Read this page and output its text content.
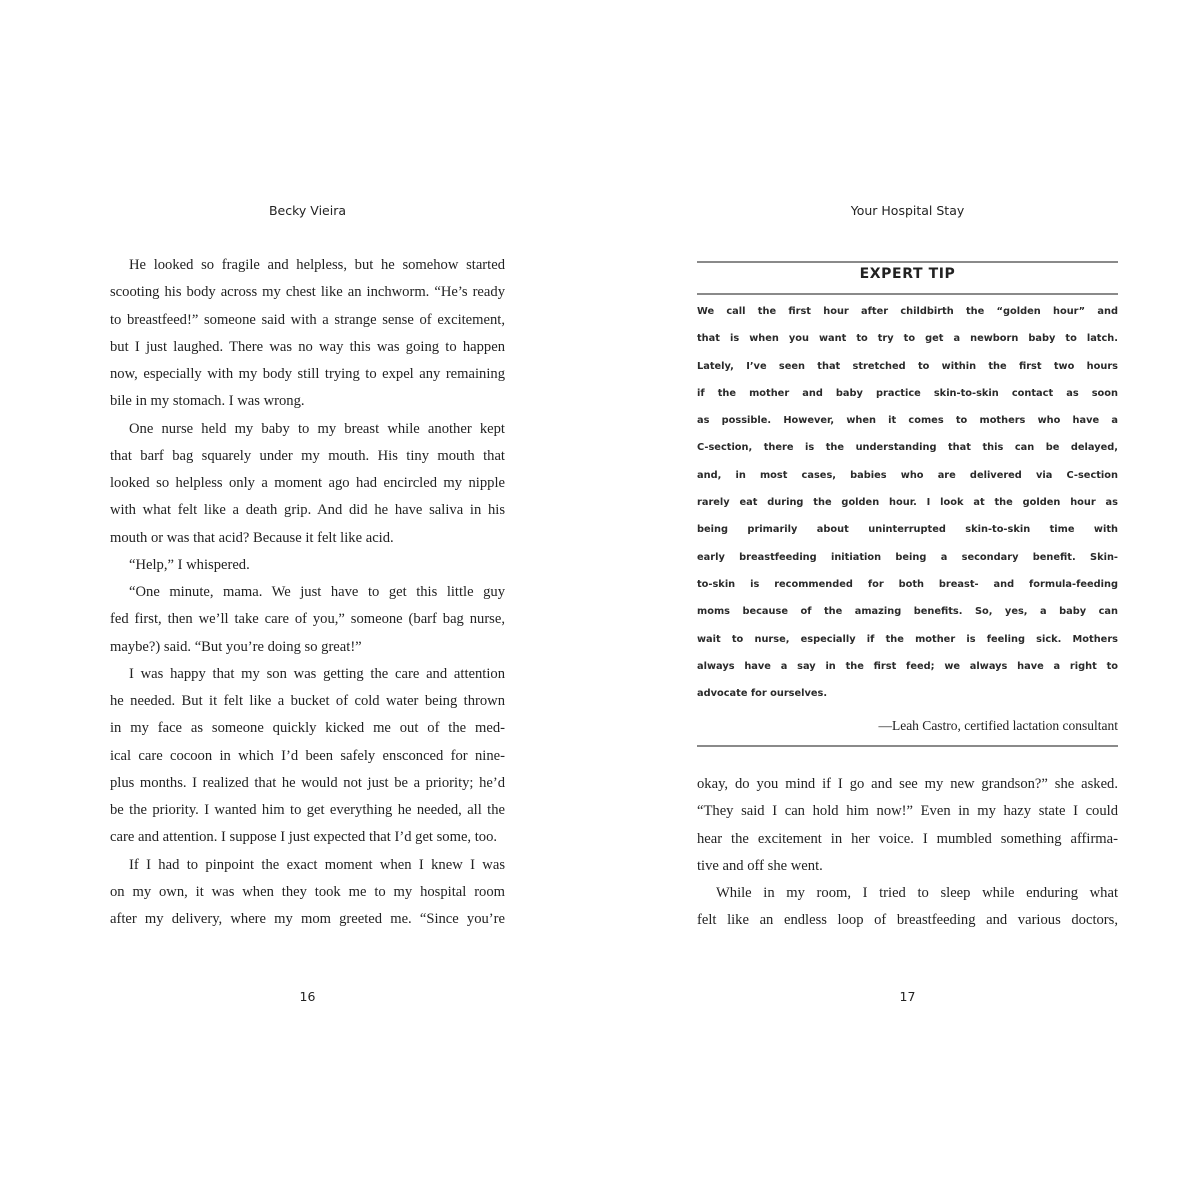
Becky Vieira
He looked so fragile and helpless, but he somehow started
scooting his body across my chest like an inchworm. “He’s ready
to breastfeed!” someone said with a strange sense of excitement,
but I just laughed. There was no way this was going to happen
now, especially with my body still trying to expel any remaining
bile in my stomach. I was wrong.
One nurse held my baby to my breast while another kept
that barf bag squarely under my mouth. His tiny mouth that
looked so helpless only a moment ago had encircled my nipple
with what felt like a death grip. And did he have saliva in his
mouth or was that acid? Because it felt like acid.
“Help,” I whispered.
“One minute, mama. We just have to get this little guy
fed first, then we’ll take care of you,” someone (barf bag nurse,
maybe?) said. “But you’re doing so great!”
I was happy that my son was getting the care and attention
he needed. But it felt like a bucket of cold water being thrown
in my face as someone quickly kicked me out of the med-
ical care cocoon in which I’d been safely ensconced for nine-
plus months. I realized that he would not just be a priority; he’d
be the priority. I wanted him to get everything he needed, all the
care and attention. I suppose I just expected that I’d get some, too.
If I had to pinpoint the exact moment when I knew I was
on my own, it was when they took me to my hospital room
after my delivery, where my mom greeted me. “Since you’re
16
Your Hospital Stay
EXPERT TIP
We call the first hour after childbirth the “golden hour” and
that is when you want to try to get a newborn baby to latch.
Lately, I’ve seen that stretched to within the first two hours
if the mother and baby practice skin-to-skin contact as soon
as possible. However, when it comes to mothers who have a
C-section, there is the understanding that this can be delayed,
and, in most cases, babies who are delivered via C-section
rarely eat during the golden hour. I look at the golden hour as
being primarily about uninterrupted skin-to-skin time with
early breastfeeding initiation being a secondary benefit. Skin-
to-skin is recommended for both breast- and formula-feeding
moms because of the amazing benefits. So, yes, a baby can
wait to nurse, especially if the mother is feeling sick. Mothers
always have a say in the first feed; we always have a right to
advocate for ourselves.
—Leah Castro, certified lactation consultant
okay, do you mind if I go and see my new grandson?” she asked.
“They said I can hold him now!” Even in my hazy state I could
hear the excitement in her voice. I mumbled something affirma-
tive and off she went.
While in my room, I tried to sleep while enduring what
felt like an endless loop of breastfeeding and various doctors,
17
